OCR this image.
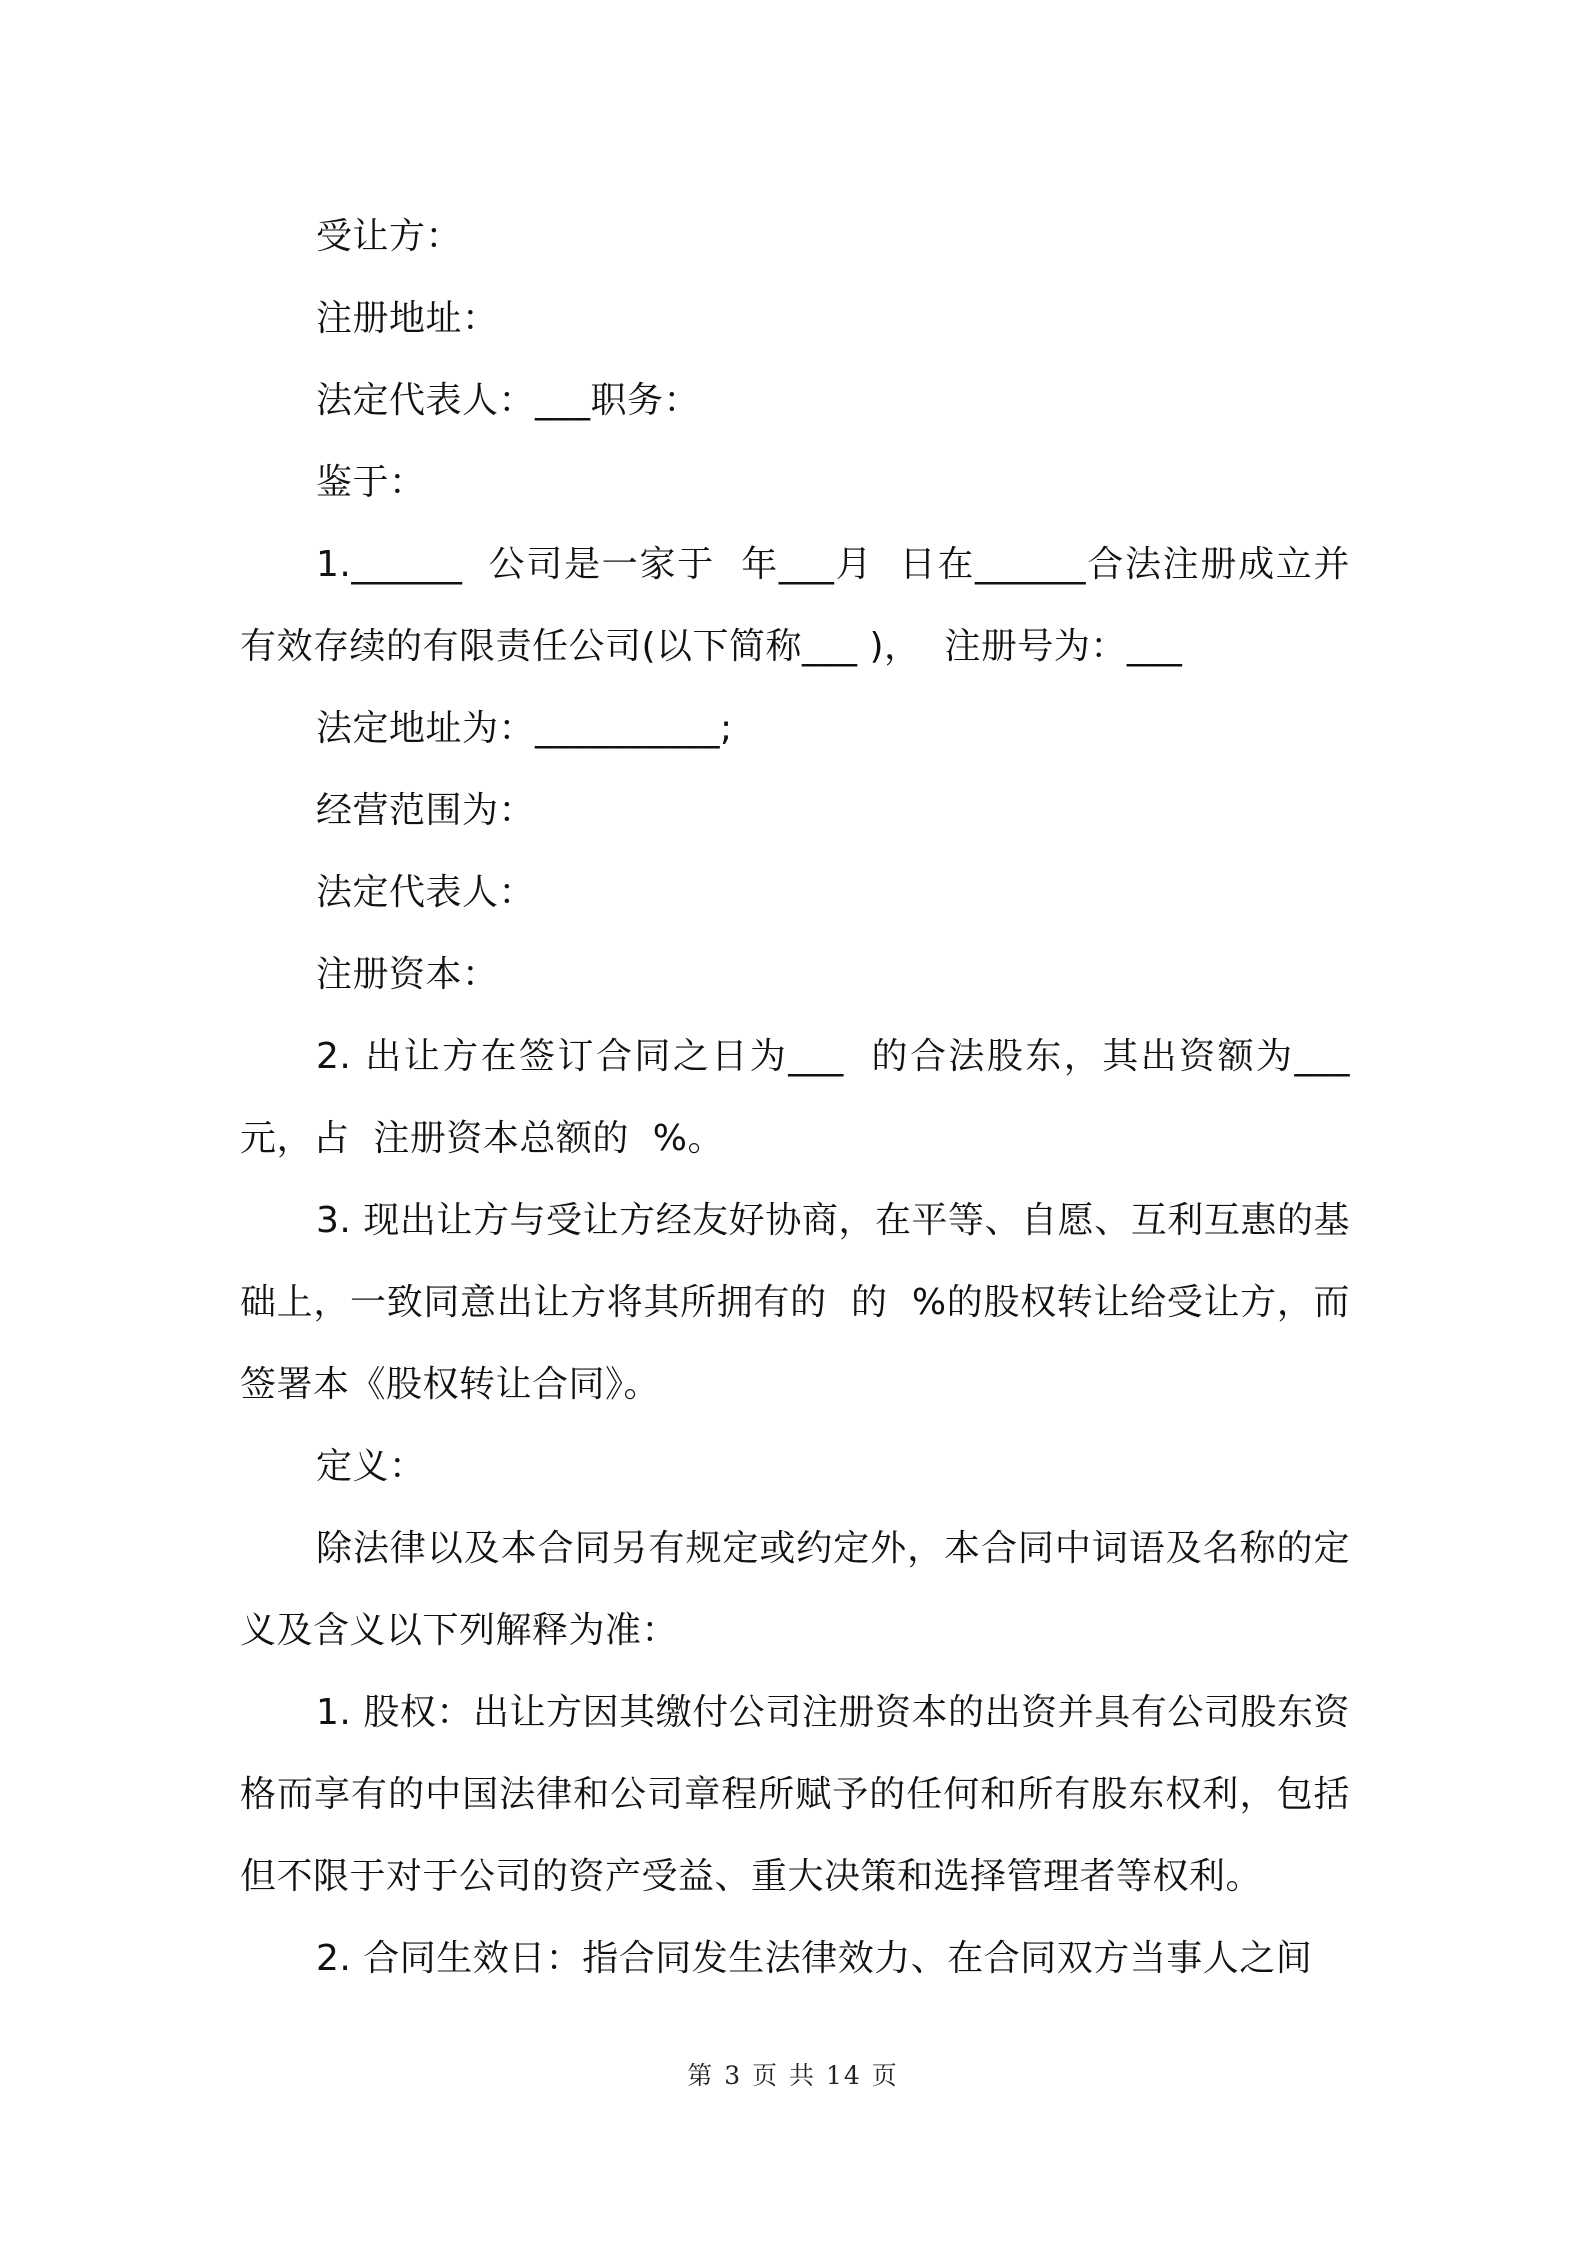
受让方：

注册地址：

法定代表人：___职务：

鉴于：

1.______  公司是一家于  年___月  日在______合法注册成立并有效存续的有限责任公司(以下简称___ )，  注册号为：___

法定地址为：__________;

经营范围为：

法定代表人：

注册资本：

2. 出让方在签订合同之日为___  的合法股东，其出资额为___元，占  注册资本总额的  %。

3. 现出让方与受让方经友好协商，在平等、自愿、互利互惠的基础上，一致同意出让方将其所拥有的  的  %的股权转让给受让方，而签署本《股权转让合同》。

定义：

除法律以及本合同另有规定或约定外，本合同中词语及名称的定义及含义以下列解释为准：

1. 股权：出让方因其缴付公司注册资本的出资并具有公司股东资格而享有的中国法律和公司章程所赋予的任何和所有股东权利，包括但不限于对于公司的资产受益、重大决策和选择管理者等权利。

2. 合同生效日：指合同发生法律效力、在合同双方当事人之间

第 3 页 共 14 页
